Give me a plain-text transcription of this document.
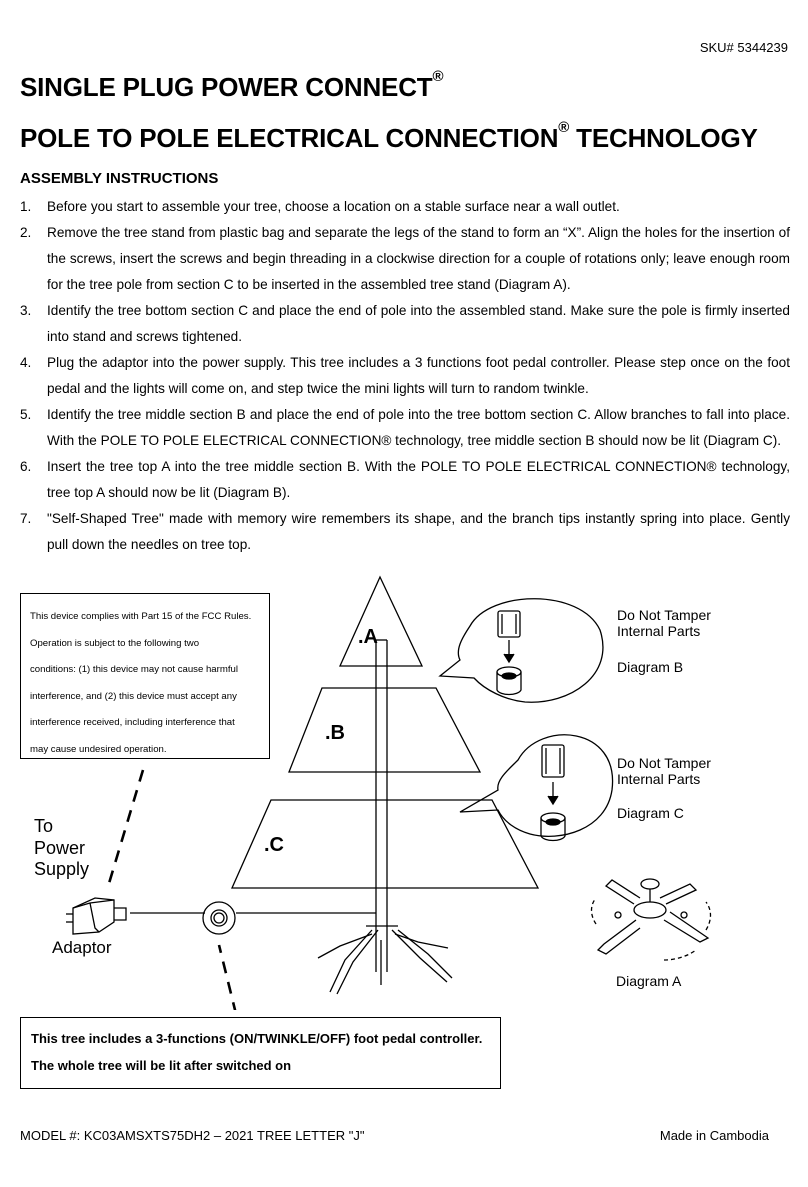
SKU# 5344239
SINGLE PLUG POWER CONNECT®
POLE TO POLE ELECTRICAL CONNECTION® TECHNOLOGY
ASSEMBLY INSTRUCTIONS
1. Before you start to assemble your tree, choose a location on a stable surface near a wall outlet.
2. Remove the tree stand from plastic bag and separate the legs of the stand to form an “X”. Align the holes for the insertion of the screws, insert the screws and begin threading in a clockwise direction for a couple of rotations only; leave enough room for the tree pole from section C to be inserted in the assembled tree stand (Diagram A).
3. Identify the tree bottom section C and place the end of pole into the assembled stand. Make sure the pole is firmly inserted into stand and screws tightened.
4. Plug the adaptor into the power supply. This tree includes a 3 functions foot pedal controller. Please step once on the foot pedal and the lights will come on, and step twice the mini lights will turn to random twinkle.
5. Identify the tree middle section B and place the end of pole into the tree bottom section C. Allow branches to fall into place. With the POLE TO POLE ELECTRICAL CONNECTION® technology, tree middle section B should now be lit (Diagram C).
6. Insert the tree top A into the tree middle section B. With the POLE TO POLE ELECTRICAL CONNECTION® technology, tree top A should now be lit (Diagram B).
7. "Self-Shaped Tree" made with memory wire remembers its shape, and the branch tips instantly spring into place. Gently pull down the needles on tree top.
.A
.B
.C
To
Power
Supply
Adaptor
Do Not Tamper
Internal Parts
Diagram B
Do Not Tamper
Internal Parts
Diagram C
Diagram A
This device complies with Part 15 of the FCC Rules.
Operation is subject to the following two
conditions: (1) this device may not cause harmful
interference, and (2) this device must accept any
interference received, including interference that
may cause undesired operation.
This tree includes a 3-functions (ON/TWINKLE/OFF) foot pedal controller.
The whole tree will be lit after switched on
MODEL #: KC03AMSXTS75DH2 – 2021 TREE LETTER "J"	Made in Cambodia
